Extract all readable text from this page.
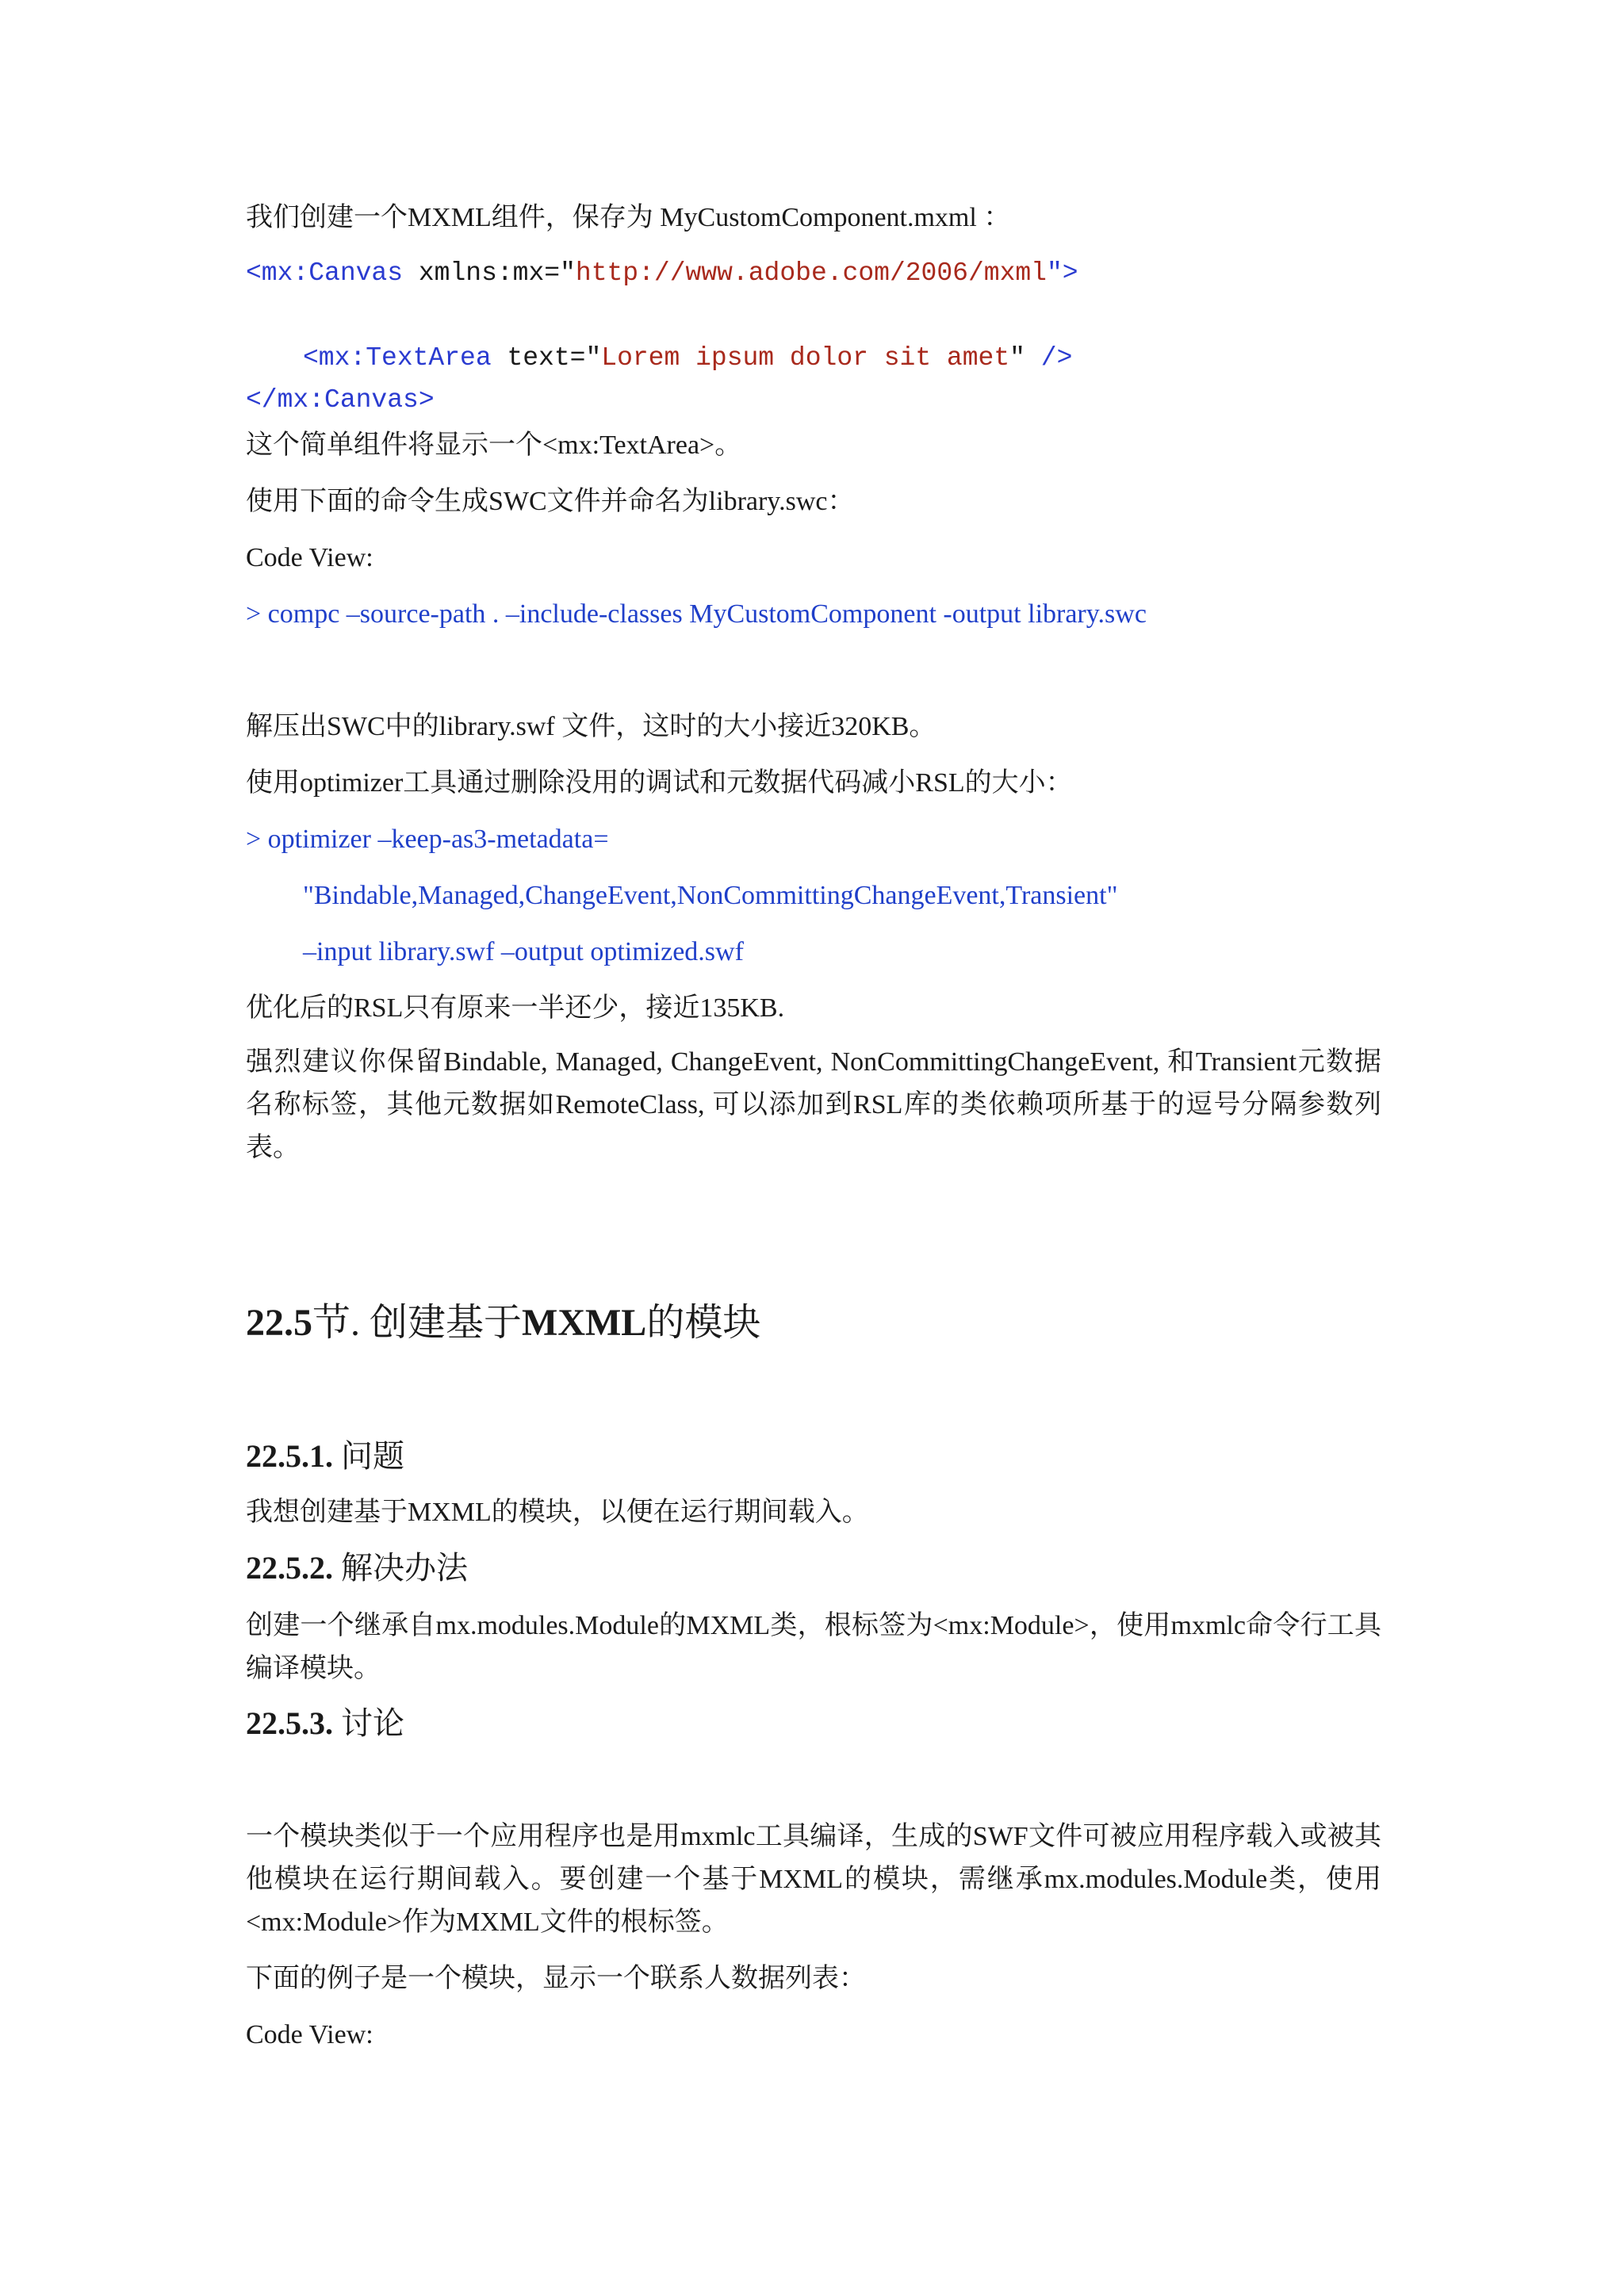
我们创建一个MXML组件，保存为 MyCustomComponent.mxml ：
<mx:Canvas xmlns:mx="http://www.adobe.com/2006/mxml">
<mx:TextArea text="Lorem ipsum dolor sit amet" />
</mx:Canvas>
这个简单组件将显示一个<mx:TextArea>。
使用下面的命令生成SWC文件并命名为library.swc：
Code View:
> compc –source-path . –include-classes MyCustomComponent -output library.swc
解压出SWC中的library.swf 文件，这时的大小接近320KB。
使用optimizer工具通过删除没用的调试和元数据代码减小RSL的大小：
> optimizer –keep-as3-metadata=
"Bindable,Managed,ChangeEvent,NonCommittingChangeEvent,Transient"
–input library.swf –output optimized.swf
优化后的RSL只有原来一半还少，接近135KB.
强烈建议你保留Bindable, Managed, ChangeEvent, NonCommittingChangeEvent, 和Transient元数据名称标签，其他元数据如RemoteClass, 可以添加到RSL库的类依赖项所基于的逗号分隔参数列表。
22.5节. 创建基于MXML的模块
22.5.1. 问题
我想创建基于MXML的模块，以便在运行期间载入。
22.5.2. 解决办法
创建一个继承自mx.modules.Module的MXML类，根标签为<mx:Module>，使用mxmlc命令行工具编译模块。
22.5.3. 讨论
一个模块类似于一个应用程序也是用mxmlc工具编译，生成的SWF文件可被应用程序载入或被其他模块在运行期间载入。要创建一个基于MXML的模块，需继承mx.modules.Module类，使用<mx:Module>作为MXML文件的根标签。
下面的例子是一个模块，显示一个联系人数据列表：
Code View:
